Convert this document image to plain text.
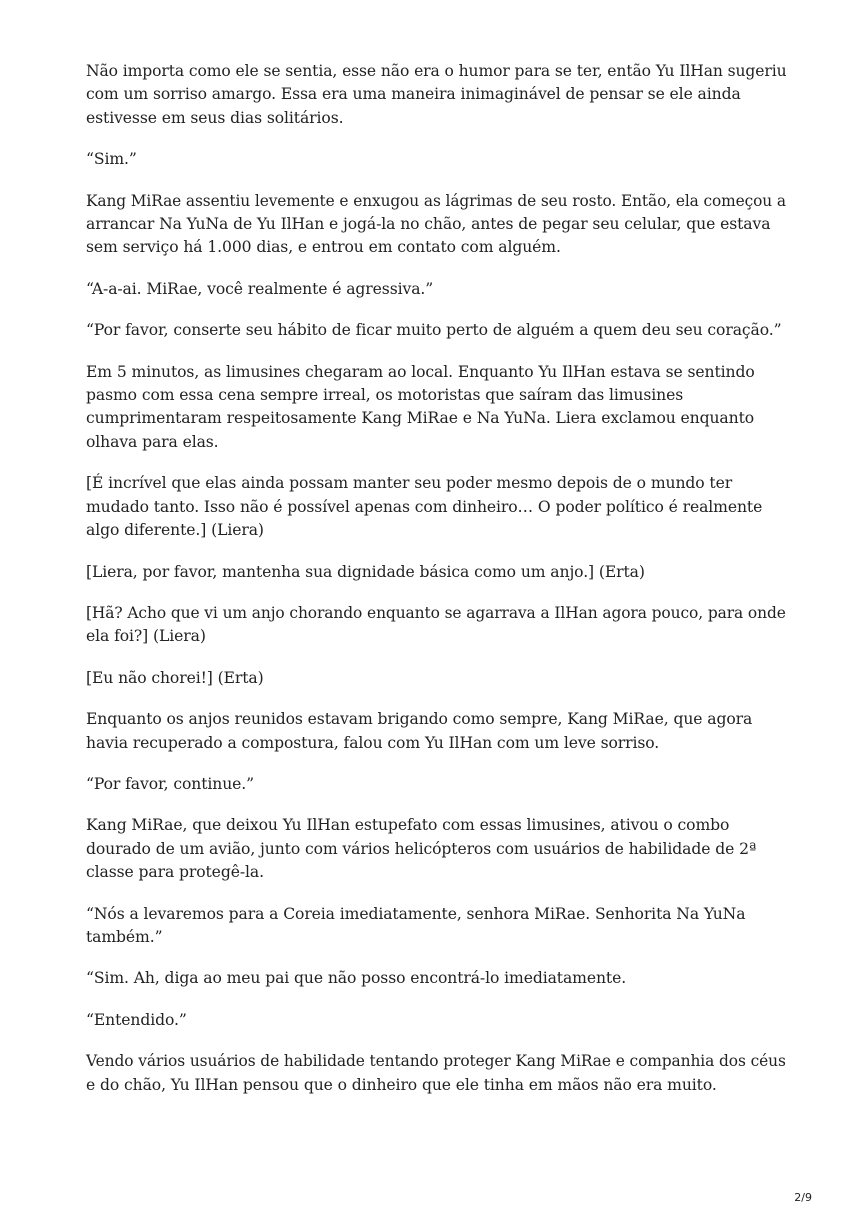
Não importa como ele se sentia, esse não era o humor para se ter, então Yu IlHan sugeriu
com um sorriso amargo. Essa era uma maneira inimaginável de pensar se ele ainda
estivesse em seus dias solitários.

“Sim.”

Kang MiRae assentiu levemente e enxugou as lágrimas de seu rosto. Então, ela começou a
arrancar Na YuNa de Yu IlHan e jogá-la no chão, antes de pegar seu celular, que estava
sem serviço há 1.000 dias, e entrou em contato com alguém.

“A-a-ai. MiRae, você realmente é agressiva.”

“Por favor, conserte seu hábito de ficar muito perto de alguém a quem deu seu coração.”

Em 5 minutos, as limusines chegaram ao local. Enquanto Yu IlHan estava se sentindo
pasmo com essa cena sempre irreal, os motoristas que saíram das limusines
cumprimentaram respeitosamente Kang MiRae e Na YuNa. Liera exclamou enquanto
olhava para elas.

[É incrível que elas ainda possam manter seu poder mesmo depois de o mundo ter
mudado tanto. Isso não é possível apenas com dinheiro… O poder político é realmente
algo diferente.] (Liera)

[Liera, por favor, mantenha sua dignidade básica como um anjo.] (Erta)

[Hã? Acho que vi um anjo chorando enquanto se agarrava a IlHan agora pouco, para onde
ela foi?] (Liera)

[Eu não chorei!] (Erta)

Enquanto os anjos reunidos estavam brigando como sempre, Kang MiRae, que agora
havia recuperado a compostura, falou com Yu IlHan com um leve sorriso.

“Por favor, continue.”

Kang MiRae, que deixou Yu IlHan estupefato com essas limusines, ativou o combo
dourado de um avião, junto com vários helicópteros com usuários de habilidade de 2ª
classe para protegê-la.

“Nós a levaremos para a Coreia imediatamente, senhora MiRae. Senhorita Na YuNa
também.”

“Sim. Ah, diga ao meu pai que não posso encontrá-lo imediatamente.

“Entendido.”

Vendo vários usuários de habilidade tentando proteger Kang MiRae e companhia dos céus
e do chão, Yu IlHan pensou que o dinheiro que ele tinha em mãos não era muito.

2/9
